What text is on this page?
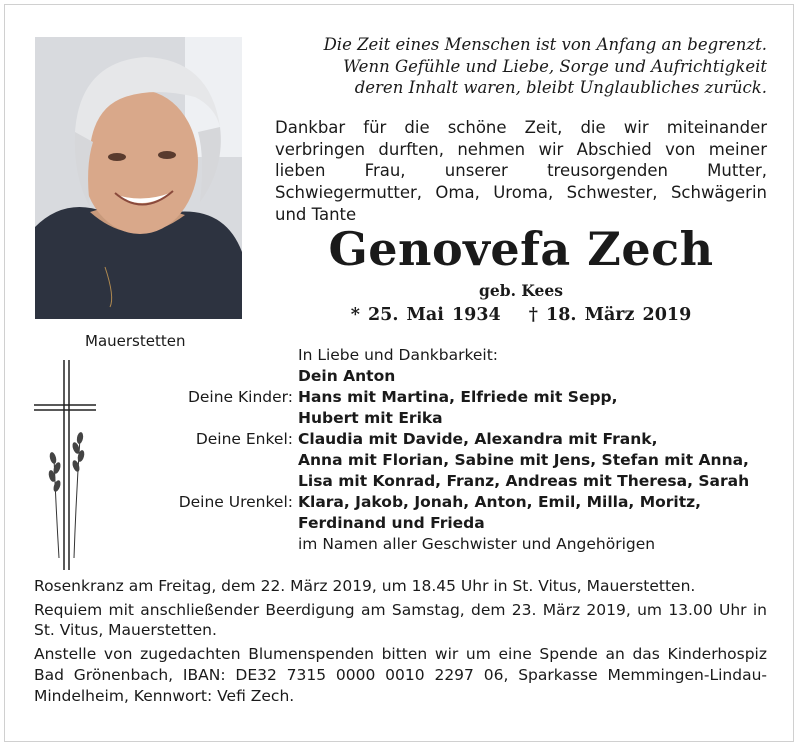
Mauerstetten
Die Zeit eines Menschen ist von Anfang an begrenzt.
Wenn Gefühle und Liebe, Sorge und Aufrichtigkeit
deren Inhalt waren, bleibt Unglaubliches zurück.
Dankbar für die schöne Zeit, die wir miteinander verbringen durften, nehmen wir Abschied von meiner lieben Frau, unserer treusorgenden Mutter, Schwiegermutter, Oma, Uroma, Schwester, Schwägerin und Tante
Genovefa Zech
geb. Kees
* 25. Mai 1934 † 18. März 2019
In Liebe und Dankbarkeit:
Dein Anton
Deine Kinder: Hans mit Martina, Elfriede mit Sepp,
Hubert mit Erika
Deine Enkel: Claudia mit Davide, Alexandra mit Frank,
Anna mit Florian, Sabine mit Jens, Stefan mit Anna,
Lisa mit Konrad, Franz, Andreas mit Theresa, Sarah
Deine Urenkel: Klara, Jakob, Jonah, Anton, Emil, Milla, Moritz,
Ferdinand und Frieda
im Namen aller Geschwister und Angehörigen

Rosenkranz am Freitag, dem 22. März 2019, um 18.45 Uhr in St. Vitus, Mauerstetten.

Requiem mit anschließender Beerdigung am Samstag, dem 23. März 2019, um 13.00 Uhr in St. Vitus, Mauerstetten.

Anstelle von zugedachten Blumenspenden bitten wir um eine Spende an das Kinderhospiz Bad Grönenbach, IBAN: DE32 7315 0000 0010 2297 06, Sparkasse Memmingen-Lindau-Mindelheim, Kennwort: Vefi Zech.
